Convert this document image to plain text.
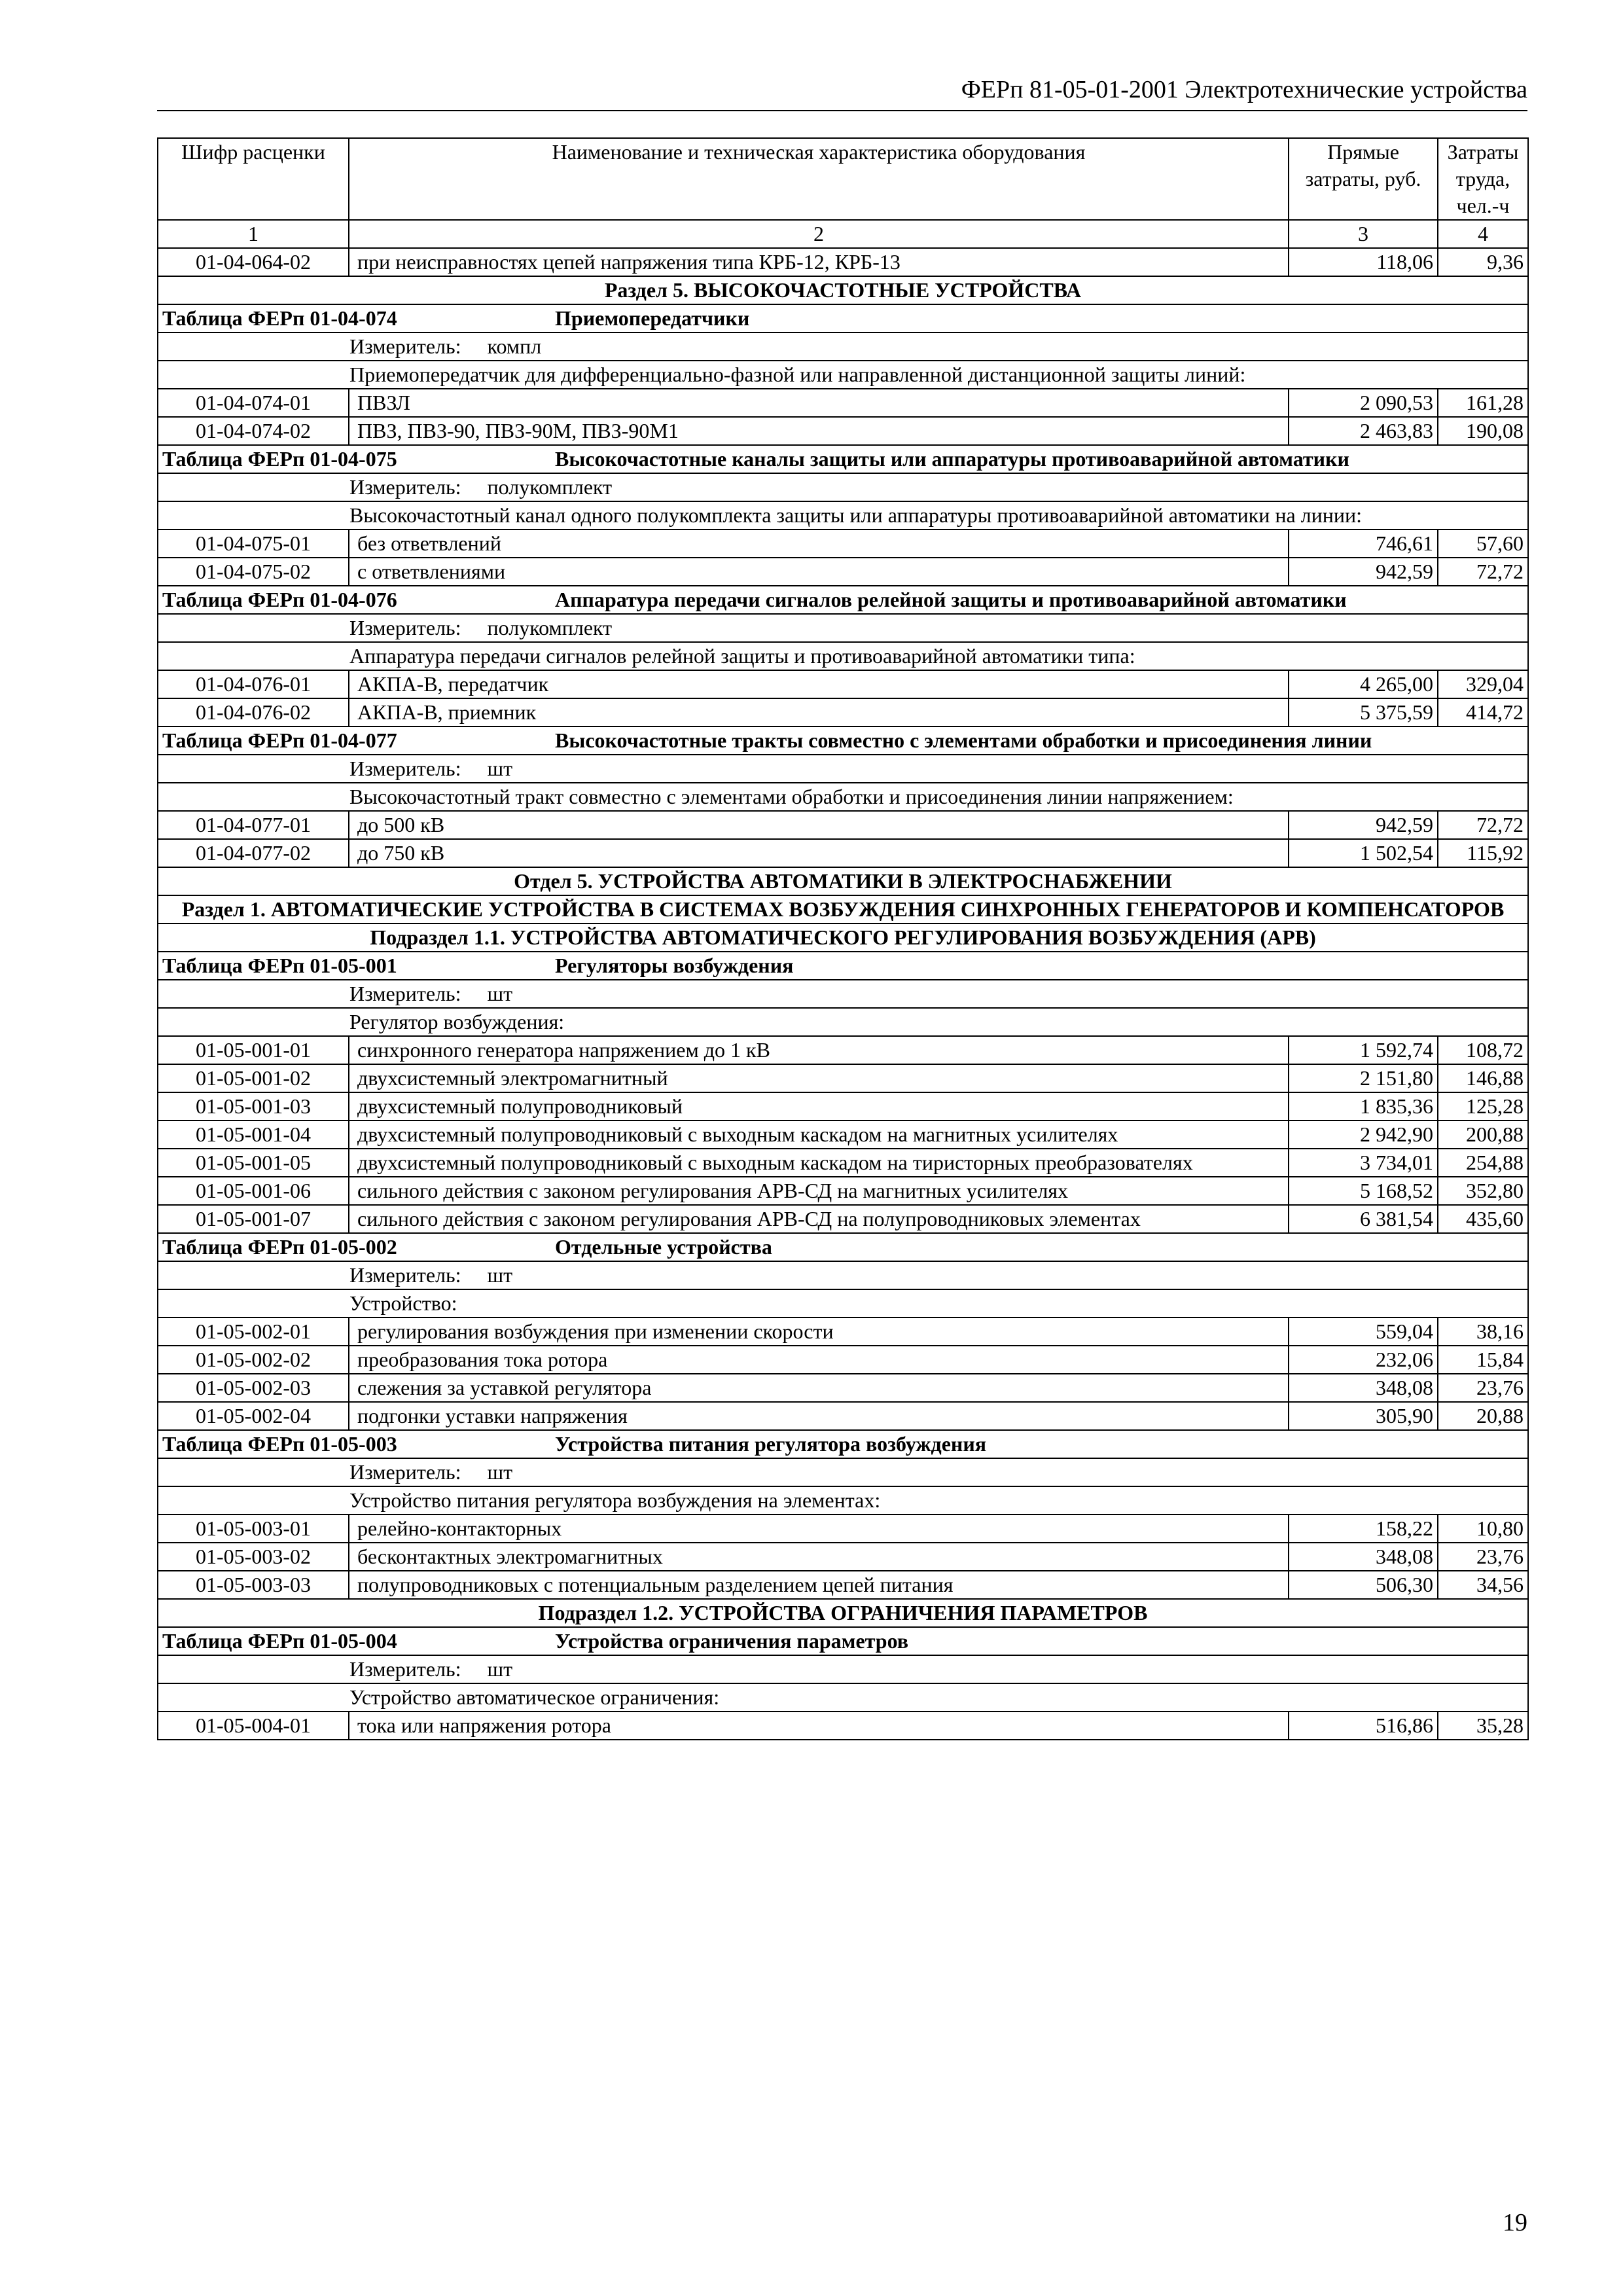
ФЕРп 81-05-01-2001 Электротехнические устройства
Шифр расценки	Наименование и техническая характеристика оборудования	Прямые затраты, руб.	Затраты труда, чел.-ч
1	2	3	4
01-04-064-02	при неисправностях цепей напряжения типа КРБ-12, КРБ-13	118,06	9,36
Раздел 5. ВЫСОКОЧАСТОТНЫЕ УСТРОЙСТВА			
Таблица ФЕРп 01-04-074 Приемопередатчики			
Измеритель: компл			
Приемопередатчик для дифференциально-фазной или направленной дистанционной защиты линий:			
01-04-074-01	ПВЗЛ	2 090,53	161,28
01-04-074-02	ПВЗ, ПВЗ-90, ПВЗ-90М, ПВЗ-90М1	2 463,83	190,08
Таблица ФЕРп 01-04-075 Высокочастотные каналы защиты или аппаратуры противоаварийной автоматики			
Измеритель: полукомплект			
Высокочастотный канал одного полукомплекта защиты или аппаратуры противоаварийной автоматики на линии:			
01-04-075-01	без ответвлений	746,61	57,60
01-04-075-02	с ответвлениями	942,59	72,72
Таблица ФЕРп 01-04-076 Аппаратура передачи сигналов релейной защиты и противоаварийной автоматики			
Измеритель: полукомплект			
Аппаратура передачи сигналов релейной защиты и противоаварийной автоматики типа:			
01-04-076-01	АКПА-В, передатчик	4 265,00	329,04
01-04-076-02	АКПА-В, приемник	5 375,59	414,72
Таблица ФЕРп 01-04-077 Высокочастотные тракты совместно с элементами обработки и присоединения линии			
Измеритель: шт			
Высокочастотный тракт совместно с элементами обработки и присоединения линии напряжением:			
01-04-077-01	до 500 кВ	942,59	72,72
01-04-077-02	до 750 кВ	1 502,54	115,92
Отдел 5. УСТРОЙСТВА АВТОМАТИКИ В ЭЛЕКТРОСНАБЖЕНИИ			
Раздел 1. АВТОМАТИЧЕСКИЕ УСТРОЙСТВА В СИСТЕМАХ ВОЗБУЖДЕНИЯ СИНХРОННЫХ ГЕНЕРАТОРОВ И КОМПЕНСАТОРОВ			
Подраздел 1.1. УСТРОЙСТВА АВТОМАТИЧЕСКОГО РЕГУЛИРОВАНИЯ ВОЗБУЖДЕНИЯ (АРВ)			
Таблица ФЕРп 01-05-001 Регуляторы возбуждения			
Измеритель: шт			
Регулятор возбуждения:			
01-05-001-01	синхронного генератора напряжением до 1 кВ	1 592,74	108,72
01-05-001-02	двухсистемный электромагнитный	2 151,80	146,88
01-05-001-03	двухсистемный полупроводниковый	1 835,36	125,28
01-05-001-04	двухсистемный полупроводниковый с выходным каскадом на магнитных усилителях	2 942,90	200,88
01-05-001-05	двухсистемный полупроводниковый с выходным каскадом на тиристорных преобразователях	3 734,01	254,88
01-05-001-06	сильного действия с законом регулирования АРВ-СД на магнитных усилителях	5 168,52	352,80
01-05-001-07	сильного действия с законом регулирования АРВ-СД на полупроводниковых элементах	6 381,54	435,60
Таблица ФЕРп 01-05-002 Отдельные устройства			
Измеритель: шт			
Устройство:			
01-05-002-01	регулирования возбуждения при изменении скорости	559,04	38,16
01-05-002-02	преобразования тока ротора	232,06	15,84
01-05-002-03	слежения за уставкой регулятора	348,08	23,76
01-05-002-04	подгонки уставки напряжения	305,90	20,88
Таблица ФЕРп 01-05-003 Устройства питания регулятора возбуждения			
Измеритель: шт			
Устройство питания регулятора возбуждения на элементах:			
01-05-003-01	релейно-контакторных	158,22	10,80
01-05-003-02	бесконтактных электромагнитных	348,08	23,76
01-05-003-03	полупроводниковых с потенциальным разделением цепей питания	506,30	34,56
Подраздел 1.2. УСТРОЙСТВА ОГРАНИЧЕНИЯ ПАРАМЕТРОВ			
Таблица ФЕРп 01-05-004 Устройства ограничения параметров			
Измеритель: шт			
Устройство автоматическое ограничения:			
01-05-004-01	тока или напряжения ротора	516,86	35,28
19
